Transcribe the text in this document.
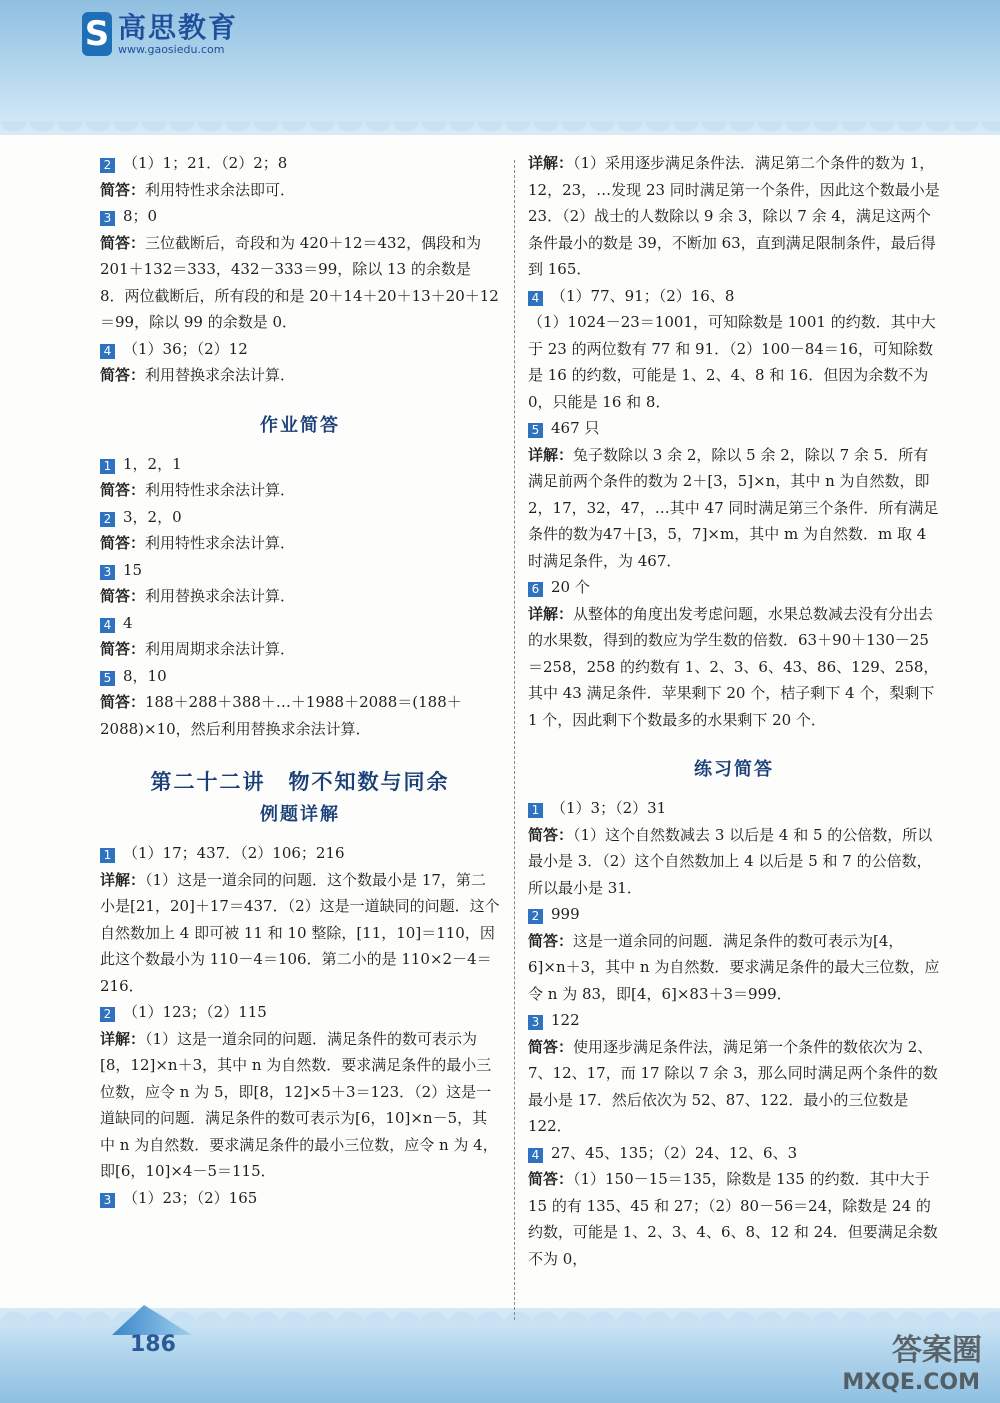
S 高思教育
www.gaosiedu.com
2 （1）1；21．（2）2；8
简答：利用特性求余法即可．
3 8；0
简答：三位截断后，奇段和为 420＋12＝432，偶段和为 201＋132＝333，432－333＝99，除以 13 的余数是 8．两位截断后，所有段的和是 20＋14＋20＋13＋20＋12＝99，除以 99 的余数是 0．
4 （1）36；（2）12
简答：利用替换求余法计算．
作业简答
1 1，2，1
简答：利用特性求余法计算．
2 3，2，0
简答：利用特性求余法计算．
3 15
简答：利用替换求余法计算．
4 4
简答：利用周期求余法计算．
5 8，10
简答：188＋288＋388＋…＋1988＋2088＝(188＋2088)×10，然后利用替换求余法计算．
第二十二讲　物不知数与同余
例题详解
1 （1）17；437．（2）106；216
详解：（1）这是一道余同的问题．这个数最小是 17，第二小是[21，20]＋17＝437．（2）这是一道缺同的问题．这个自然数加上 4 即可被 11 和 10 整除，[11，10]＝110，因此这个数最小为 110－4＝106．第二小的是 110×2－4＝216．
2 （1）123；（2）115
详解：（1）这是一道余同的问题．满足条件的数可表示为[8，12]×n＋3，其中 n 为自然数．要求满足条件的最小三位数，应令 n 为 5，即[8，12]×5＋3＝123．（2）这是一道缺同的问题．满足条件的数可表示为[6，10]×n－5，其中 n 为自然数．要求满足条件的最小三位数，应令 n 为 4，即[6，10]×4－5＝115．
3 （1）23；（2）165
详解：（1）采用逐步满足条件法．满足第二个条件的数为 1，12，23，…发现 23 同时满足第一个条件，因此这个数最小是 23．（2）战士的人数除以 9 余 3，除以 7 余 4，满足这两个条件最小的数是 39，不断加 63，直到满足限制条件，最后得到 165．
4 （1）77、91；（2）16、8
（1）1024－23＝1001，可知除数是 1001 的约数．其中大于 23 的两位数有 77 和 91．（2）100－84＝16，可知除数是 16 的约数，可能是 1、2、4、8 和 16．但因为余数不为 0，只能是 16 和 8．
5 467 只
详解：兔子数除以 3 余 2，除以 5 余 2，除以 7 余 5．所有满足前两个条件的数为 2＋[3，5]×n，其中 n 为自然数，即 2，17，32，47，…其中 47 同时满足第三个条件．所有满足条件的数为47＋[3，5，7]×m，其中 m 为自然数．m 取 4 时满足条件，为 467．
6 20 个
详解：从整体的角度出发考虑问题，水果总数减去没有分出去的水果数，得到的数应为学生数的倍数．63＋90＋130－25＝258，258 的约数有 1、2、3、6、43、86、129、258，其中 43 满足条件．苹果剩下 20 个，桔子剩下 4 个，梨剩下 1 个，因此剩下个数最多的水果剩下 20 个．
练习简答
1 （1）3；（2）31
简答：（1）这个自然数减去 3 以后是 4 和 5 的公倍数，所以最小是 3．（2）这个自然数加上 4 以后是 5 和 7 的公倍数，所以最小是 31．
2 999
简答：这是一道余同的问题．满足条件的数可表示为[4，6]×n＋3，其中 n 为自然数．要求满足条件的最大三位数，应令 n 为 83，即[4，6]×83＋3＝999．
3 122
简答：使用逐步满足条件法，满足第一个条件的数依次为 2、7、12、17，而 17 除以 7 余 3，那么同时满足两个条件的数最小是 17．然后依次为 52、87、122．最小的三位数是 122．
4 27、45、135；（2）24、12、6、3
简答：（1）150－15＝135，除数是 135 的约数．其中大于 15 的有 135、45 和 27；（2）80－56＝24，除数是 24 的约数，可能是 1、2、3、4、6、8、12 和 24．但要满足余数不为 0，
186	答案圈
MXQE.COM
